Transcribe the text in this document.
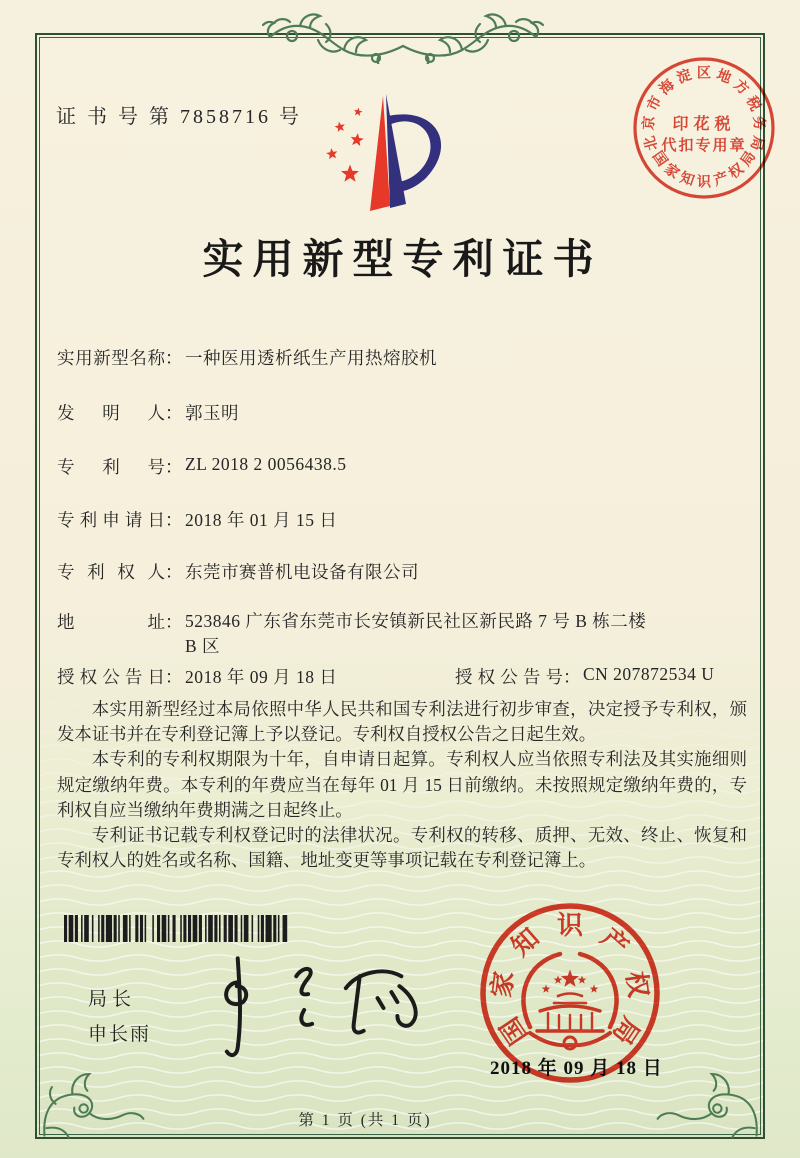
证 书 号 第 7858716 号
北
京
市
海
淀 区 地
方
税
务
局
国
家
知 识 产
权
局
印花税
代扣专用章
实用新型专利证书
实用新型名称 ： 一种医用透析纸生产用热熔胶机
发明人 ： 郭玉明
专利号 ： ZL 2018 2 0056438.5
专利申请日 ： 2018 年 01 月 15 日
专利权人 ： 东莞市赛普机电设备有限公司
地址 ： 523846 广东省东莞市长安镇新民社区新民路 7 号 B 栋二楼 B 区
授权公告日 ： 2018 年 09 月 18 日	授权公告号 ： CN 207872534 U

本实用新型经过本局依照中华人民共和国专利法进行初步审查，决定授予专利权，颁发本证书并在专利登记簿上予以登记。专利权自授权公告之日起生效。

本专利的专利权期限为十年，自申请日起算。专利权人应当依照专利法及其实施细则规定缴纳年费。本专利的年费应当在每年 01 月 15 日前缴纳。未按照规定缴纳年费的，专利权自应当缴纳年费期满之日起终止。

专利证书记载专利权登记时的法律状况。专利权的转移、质押、无效、终止、恢复和专利权人的姓名或名称、国籍、地址变更等事项记载在专利登记簿上。

局长
申长雨
2018 年 09 月 18 日
国
家
知 识 产
权
局
第 1 页 (共 1 页)
